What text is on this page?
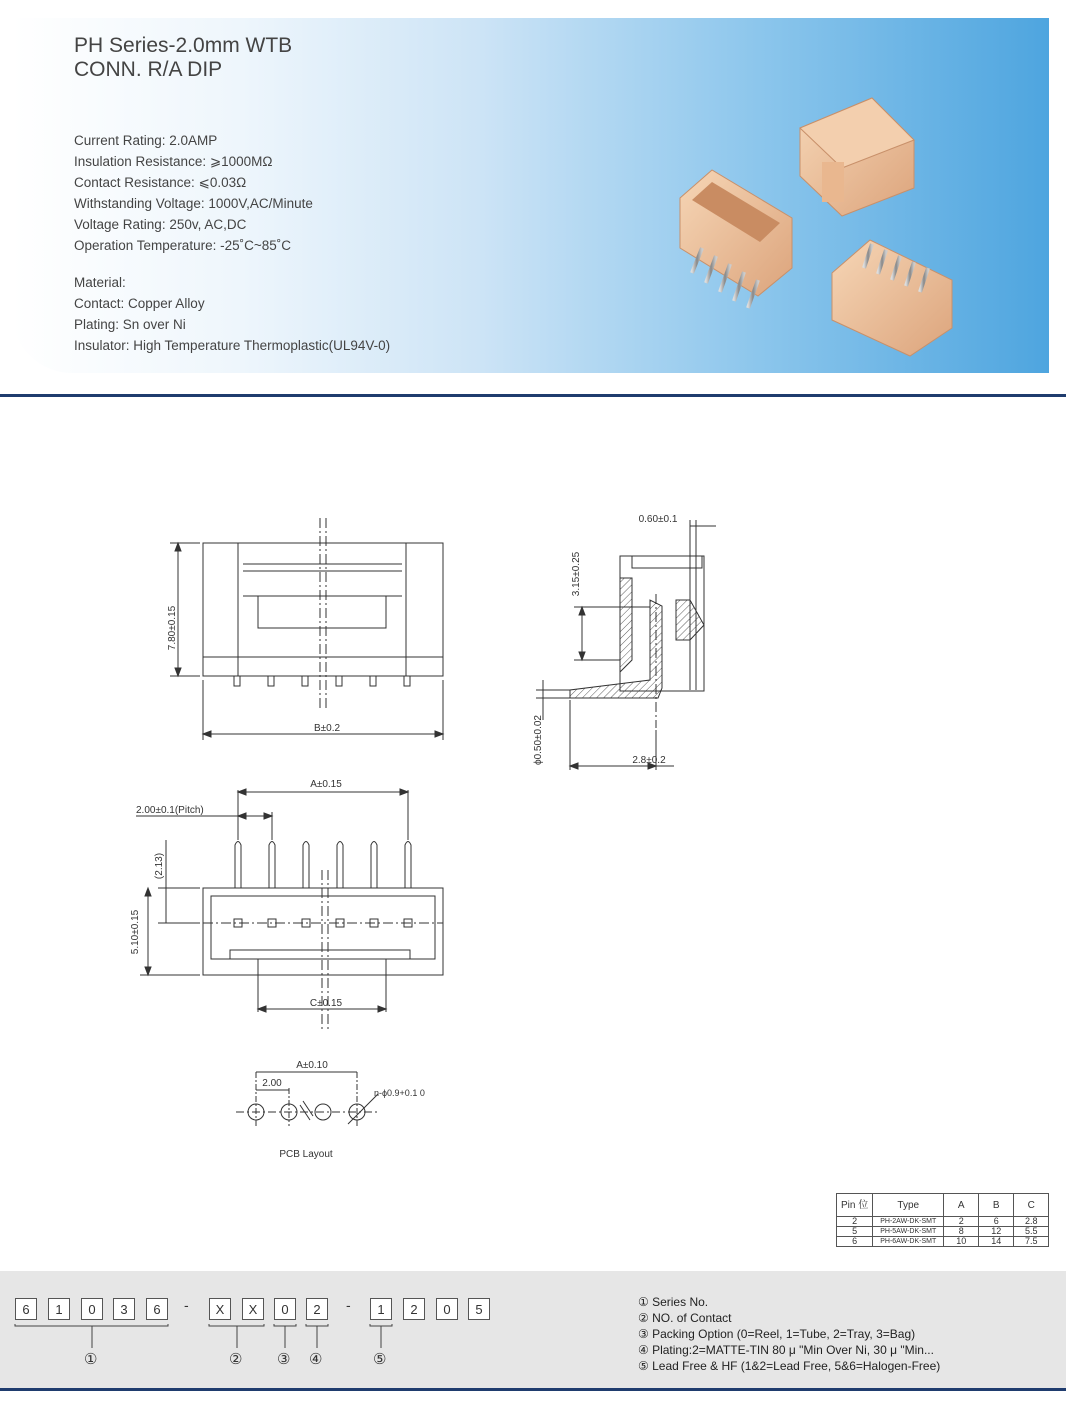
PH Series-2.0mm WTB
CONN. R/A DIP
Current Rating: 2.0AMP
Insulation Resistance: ⩾1000MΩ
Contact Resistance: ⩽0.03Ω
Withstanding Voltage: 1000V,AC/Minute
Voltage Rating: 250v, AC,DC
Operation Temperature: -25˚C~85˚C
Material:
Contact: Copper Alloy
Plating: Sn over Ni
Insulator: High Temperature Thermoplastic(UL94V-0)
7.80±0.15
B±0.2
A±0.15
2.00±0.1(Pitch)
(2.13)
5.10±0.15
C±0.15
0.60±0.1
3.15±0.25
ϕ0.50±0.02	2.8±0.2
A±0.10
2.00
n-ϕ0.9+0.1 0
PCB Layout
Pin 位	Type	A	B	C
2	PH-2AW-DK-SMT	2	6	2.8
5	PH-5AW-DK-SMT	8	12	5.5
6	PH-6AW-DK-SMT	10	14	7.5
6	1	0	3	6	-	X	X	0	2	-	1	2	0	5
①	② ③ ④	⑤
① Series No.
② NO. of Contact
③ Packing Option (0=Reel, 1=Tube, 2=Tray, 3=Bag)
④ Plating:2=MATTE-TIN 80 μ "Min Over Ni, 30 μ "Min...
⑤ Lead Free & HF (1&2=Lead Free, 5&6=Halogen-Free)
